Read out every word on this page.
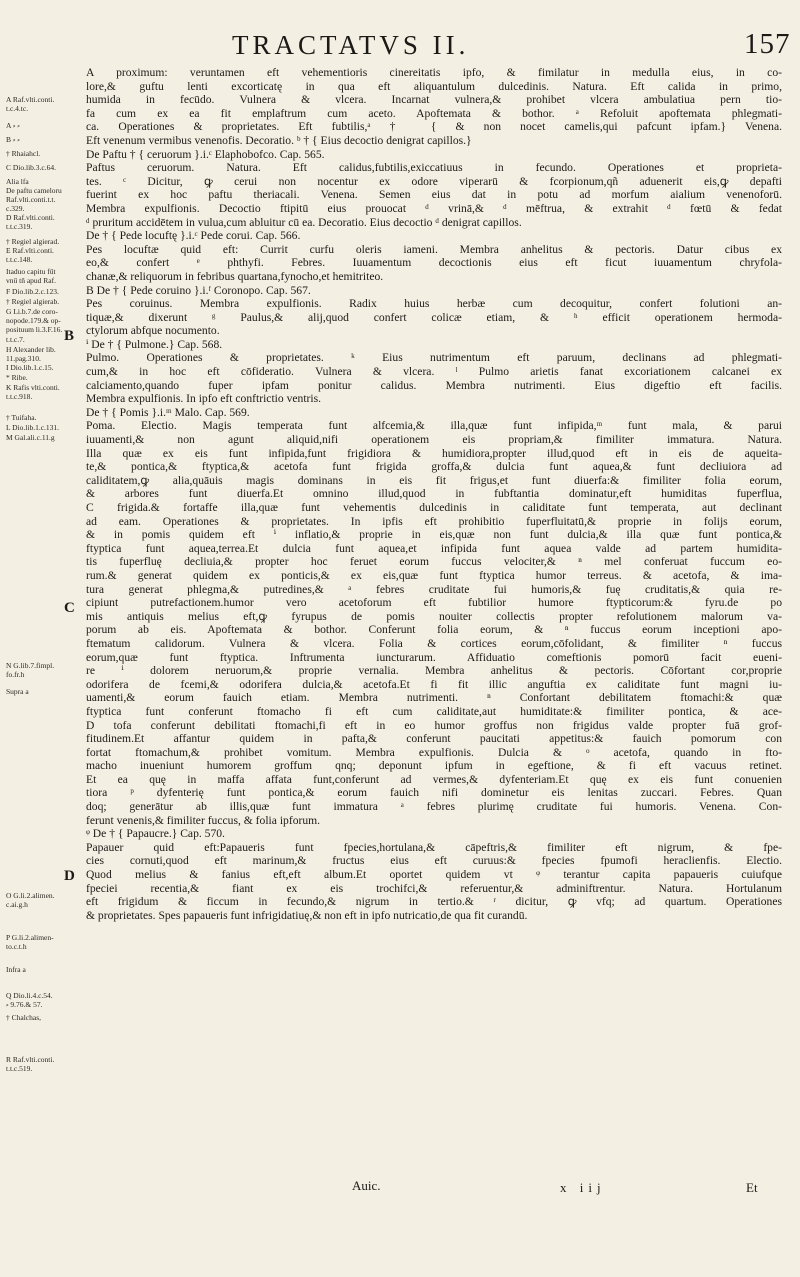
TRACTATVS II.	157
A Raf.vlti.conti.
t.c.4.tc.
A ⸗ ⸗
B ⸗ ⸗
† Rhaiahcl.
C Dio.lib.3.c.64.
Alia lfa
De paftu cameloru
Raf.vlti.conti.t.t.
c.329.
D Raf.vlti.conti.
t.t.c.319.
† Regiel algierad.
E Raf.vlti.conti.
t.t.c.148.
Itaduo capitu fűt
vnű tñ apud Raf.
F Dio.lib.2.c.123.
† Regiel algierab.
G Li.b.7.de coro-
nopode.179.& op-
posituum li.3.F.16.
t.t.c.7.
H Alexander lib.
11.pag.310.
I Dio.lib.1.c.15.
* Ribe.
K Rafis vlti.conti.
t.t.c.918.
† Tuifaha.
L Dio.lib.1.c.131.
M Gal.ali.c.11.g
N G.lib.7.fimpl.
fo.fr.h
Supra a
O G.li.2.alimen.
c.ai.g.h
P G.li.2.alimen-
to.c.t.h
Infra a
Q Dio.li.4.c.54.
⸗ 9.76.& 57.
† Chalchas,
R Raf.vlti.conti.
t.t.c.519.
B
C
D
A proximum: veruntamen eft vehementioris cinereitatis ipfo, & fimilatur in medulla eius, in co-
lore,& guftu lenti excorticatę in qua eft aliquantulum dulcedinis. Natura. Eft calida in primo,
humida in fecūdo. Vulnera & vlcera. Incarnat vulnera,& prohibet vlcera ambulatiua pern tio-
fa cum ex ea fit emplaftrum cum aceto. Apoftemata & bothor. ᵃ Refoluit apoftemata phlegmati-
ca. Operationes & proprietates. Eft fubtilis,ᵃ † { & non nocet camelis,qui pafcunt ipfam.} Venena.
Eft venenum vermibus venenofis. Decoratio. ᵇ † { Eius decoctio denigrat capillos.}
De Paftu † { ceruorum }.i.ᶜ Elaphobofco. Cap. 565.
Paftus ceruorum. Natura. Eft calidus,fubtilis,exiccatiuus in fecundo. Operationes et proprieta-
tes. ᶜ Dicitur, ꝙ cerui non nocentur ex odore viperarū & fcorpionum,qñ aduenerit eis,ꝙ depafti
fuerint ex hoc paftu theriacali. Venena. Semen eius dat in potu ad morfum aialium venenoforū.
Membra expulfionis. Decoctio ftipitū eius prouocat ᵈ vrinā,& ᵈ mēftrua, & extrahit ᵈ fœtū & fedat
ᵈ pruritum accidētem in vulua,cum abluitur cū ea. Decoratio. Eius decoctio ᵈ denigrat capillos.
De † { Pede locuftę }.i.ᶜ Pede corui. Cap. 566.
Pes locuftæ quid eft: Currit curfu oleris iameni. Membra anhelitus & pectoris. Datur cibus ex
eo,& confert ᵉ phthyfi. Febres. Iuuamentum decoctionis eius eft ficut iuuamentum chryfola-
chanæ,& reliquorum in febribus quartana,fynocho,et hemitriteo.
B De † { Pede coruino }.i.ᶠ Coronopo. Cap. 567.
Pes coruinus. Membra expulfionis. Radix huius herbæ cum decoquitur, confert folutioni an-
tiquæ,& dixerunt ᵍ Paulus,& alij,quod confert colicæ etiam, & ʰ efficit operationem hermoda-
ctylorum abfque nocumento.
ⁱ De † { Pulmone.} Cap. 568.
Pulmo. Operationes & proprietates. ᵏ Eius nutrimentum eft paruum, declinans ad phlegmati-
cum,& in hoc eft cōfideratio. Vulnera & vlcera. ˡ Pulmo arietis fanat excoriationem calcanei ex
calciamento,quando fuper ipfam ponitur calidus. Membra nutrimenti. Eius digeftio eft facilis.
Membra expulfionis. In ipfo eft conftrictio ventris.
De † { Pomis }.i.ᵐ Malo. Cap. 569.
Poma. Electio. Magis temperata funt alfcemia,& illa,quæ funt infipida,ᵐ funt mala, & parui
iuuamenti,& non agunt aliquid,nifi operationem eis propriam,& fimiliter immatura. Natura.
Illa quæ ex eis funt infipida,funt frigidiora & humidiora,propter illud,quod eft in eis de aqueita-
te,& pontica,& ftyptica,& acetofa funt frigida groffa,& dulcia funt aquea,& funt decliuiora ad
caliditatem,ꝙ alia,quāuis magis dominans in eis fit frigus,et funt diuerfa:& fimiliter folia eorum,
& arbores funt diuerfa.Et omnino illud,quod in fubftantia dominatur,eft humiditas fuperflua,
C frigida.& fortaffe illa,quæ funt vehementis dulcedinis in caliditate funt temperata, aut declinant
ad eam. Operationes & proprietates. In ipfis eft prohibitio fuperfluitatū,& proprie in folijs eorum,
& in pomis quidem eft ⁱ inflatio,& proprie in eis,quæ non funt dulcia,& illa quæ funt pontica,&
ftyptica funt aquea,terrea.Et dulcia funt aquea,et infipida funt aquea valde ad partem humidita-
tis fuperfluę decliuia,& propter hoc feruet eorum fuccus velociter,& ⁿ mel conferuat fuccum eo-
rum.& generat quidem ex ponticis,& ex eis,quæ funt ftyptica humor terreus. & acetofa, & ima-
tura generat phlegma,& putredines,& ᵃ febres cruditate fui humoris,& fuę cruditatis,& quia re-
cipiunt putrefactionem.humor vero acetoforum eft fubtilior humore ftypticorum:& fyru.de po
mis antiquis melius eft,ꝙ fyrupus de pomis nouiter collectis propter refolutionem malorum va-
porum ab eis. Apoftemata & bothor. Conferunt folia eorum, & ⁿ fuccus eorum inceptioni apo-
ftematum calidorum. Vulnera & vlcera. Folia & cortices eorum,cōfolidant, & fimiliter ⁿ fuccus
eorum,quæ funt ftyptica. Inftrumenta iuncturarum. Affiduatio comeftionis pomorū facit eueni-
re ⁱ dolorem neruorum,& proprie vernalia. Membra anhelitus & pectoris. Cōfortant cor,proprie
odorifera de fcemi,& odorifera dulcia,& acetofa.Et fi fit illic anguftia ex caliditate funt magni iu-
uamenti,& eorum fauich etiam. Membra nutrimenti. ⁿ Confortant debilitatem ftomachi:& quæ
ftyptica funt conferunt ftomacho fi eft cum caliditate,aut humiditate:& fimiliter pontica, & ace-
D tofa conferunt debilitati ftomachi,fi eft in eo humor groffus non frigidus valde propter fuā grof-
fitudinem.Et affantur quidem in pafta,& conferunt paucitati appetitus:& fauich pomorum con
fortat ftomachum,& prohibet vomitum. Membra expulfionis. Dulcia & ᵒ acetofa, quando in fto-
macho inueniunt humorem groffum qnq; deponunt ipfum in egeftione, & fi eft vacuus retinet.
Et ea quę in maffa affata funt,conferunt ad vermes,& dyfenteriam.Et quę ex eis funt conuenien
tiora ᵖ dyfenterię funt pontica,& eorum fauich nifi dominetur eis lenitas zuccari. Febres. Quan
doq; generātur ab illis,quæ funt immatura ᵃ febres plurimę cruditate fui humoris. Venena. Con-
ferunt venenis,& fimiliter fuccus, & folia ipforum.
ᵠ De † { Papaucre.} Cap. 570.
Papauer quid eft:Papaueris funt fpecies,hortulana,& cāpeftris,& fimiliter eft nigrum, & fpe-
cies cornuti,quod eft marinum,& fructus eius eft curuus:& fpecies fpumofi heraclienfis. Electio.
Quod melius & fanius eft,eft album.Et oportet quidem vt ᵠ terantur capita papaueris cuiufque
fpeciei recentia,& fiant ex eis trochifci,& referuentur,& adminiftrentur. Natura. Hortulanum
eft frigidum & ficcum in fecundo,& nigrum in tertio.& ʳ dicitur, ꝙ vfq; ad quartum. Operationes
& proprietates. Spes papaueris funt infrigidatiuę,& non eft in ipfo nutricatio,de qua fit curandū.
Auic.	x iij	Et
